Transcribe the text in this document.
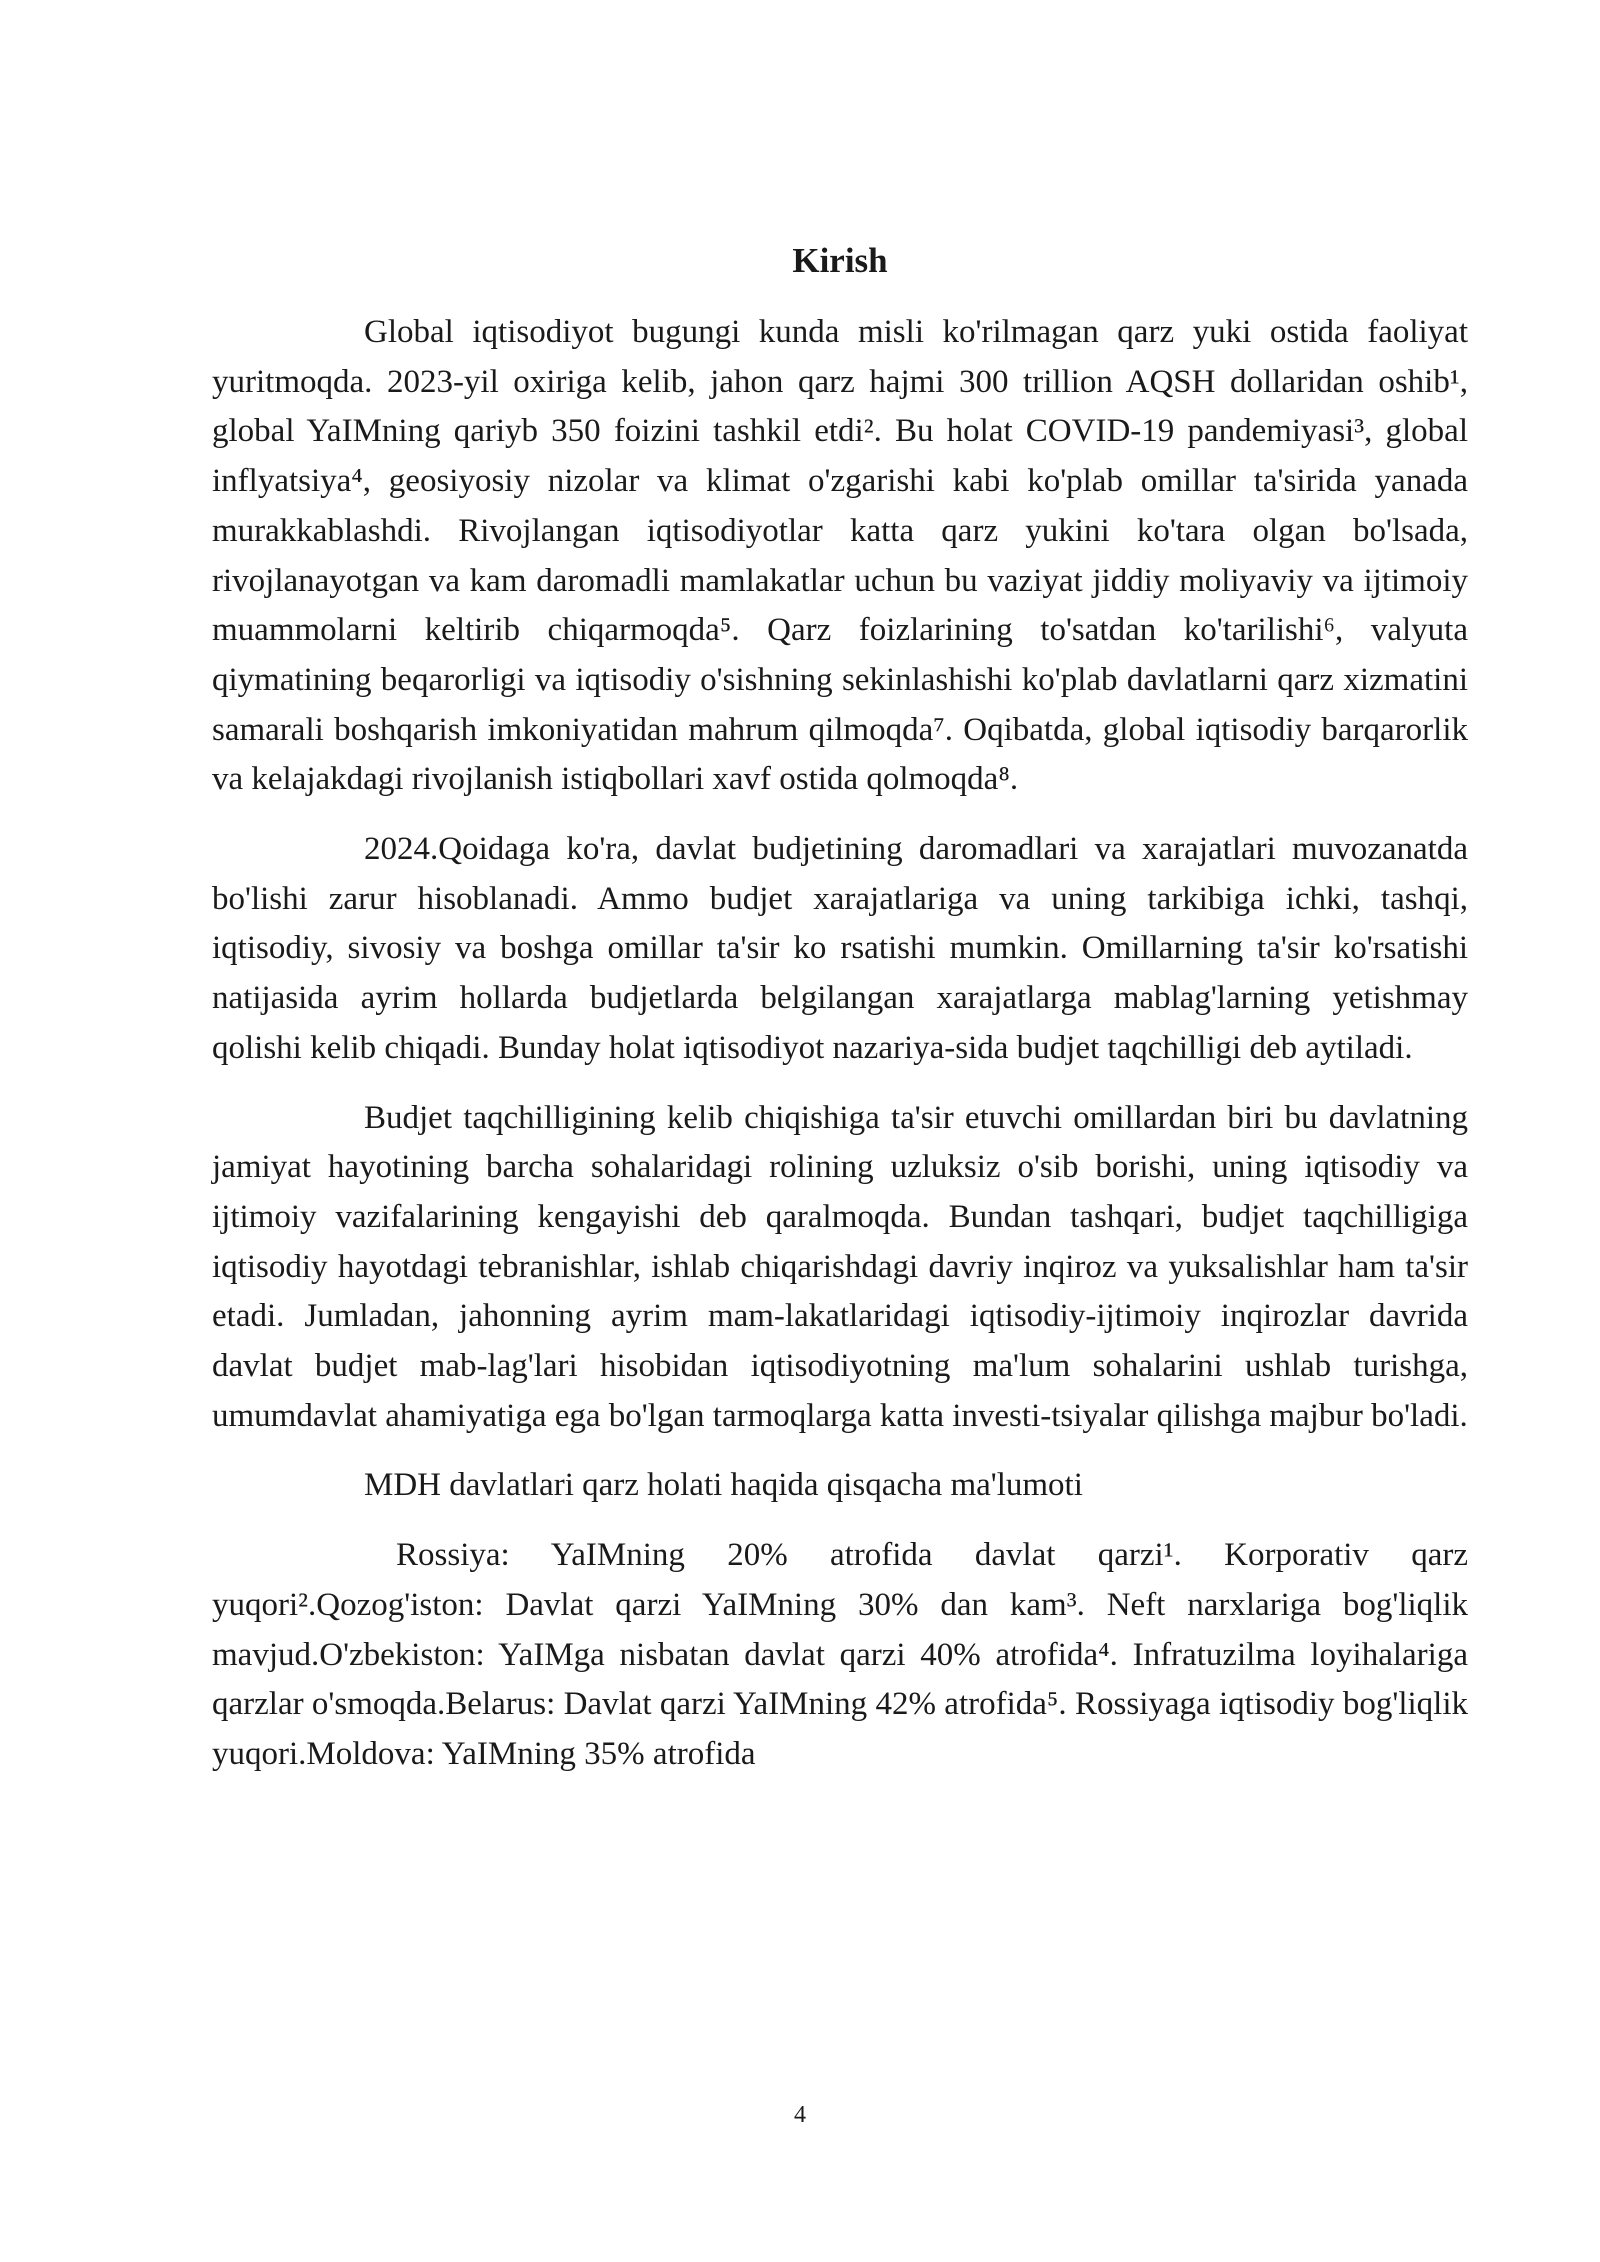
Kirish

Global iqtisodiyot bugungi kunda misli ko'rilmagan qarz yuki ostida faoliyat yuritmoqda. 2023-yil oxiriga kelib, jahon qarz hajmi 300 trillion AQSH dollaridan oshib¹, global YaIMning qariyb 350 foizini tashkil etdi². Bu holat COVID-19 pandemiyasi³, global inflyatsiya⁴, geosiyosiy nizolar va klimat o'zgarishi kabi ko'plab omillar ta'sirida yanada murakkablashdi. Rivojlangan iqtisodiyotlar katta qarz yukini ko'tara olgan bo'lsada, rivojlanayotgan va kam daromadli mamlakatlar uchun bu vaziyat jiddiy moliyaviy va ijtimoiy muammolarni keltirib chiqarmoqda⁵. Qarz foizlarining to'satdan ko'tarilishi⁶, valyuta qiymatining beqarorligi va iqtisodiy o'sishning sekinlashishi ko'plab davlatlarni qarz xizmatini samarali boshqarish imkoniyatidan mahrum qilmoqda⁷. Oqibatda, global iqtisodiy barqarorlik va kelajakdagi rivojlanish istiqbollari xavf ostida qolmoqda⁸.

2024.Qoidaga ko'ra, davlat budjetining daromadlari va xarajatlari muvozanatda bo'lishi zarur hisoblanadi. Ammo budjet xarajatlariga va uning tarkibiga ichki, tashqi, iqtisodiy, sivosiy va boshga omillar ta'sir ko rsatishi mumkin. Omillarning ta'sir ko'rsatishi natijasida ayrim hollarda budjetlarda belgilangan xarajatlarga mablag'larning yetishmay qolishi kelib chiqadi. Bunday holat iqtisodiyot nazariya-sida budjet taqchilligi deb aytiladi.

Budjet taqchilligining kelib chiqishiga ta'sir etuvchi omillardan biri bu davlatning jamiyat hayotining barcha sohalaridagi rolining uzluksiz o'sib borishi, uning iqtisodiy va ijtimoiy vazifalarining kengayishi deb qaralmoqda. Bundan tashqari, budjet taqchilligiga iqtisodiy hayotdagi tebranishlar, ishlab chiqarishdagi davriy inqiroz va yuksalishlar ham ta'sir etadi. Jumladan, jahonning ayrim mam-lakatlaridagi iqtisodiy-ijtimoiy inqirozlar davrida davlat budjet mab-lag'lari hisobidan iqtisodiyotning ma'lum sohalarini ushlab turishga, umumdavlat ahamiyatiga ega bo'lgan tarmoqlarga katta investi-tsiyalar qilishga majbur bo'ladi.

MDH davlatlari qarz holati haqida qisqacha ma'lumoti

Rossiya: YaIMning 20% atrofida davlat qarzi¹. Korporativ qarz yuqori².Qozog'iston: Davlat qarzi YaIMning 30% dan kam³. Neft narxlariga bog'liqlik mavjud.O'zbekiston: YaIMga nisbatan davlat qarzi 40% atrofida⁴. Infratuzilma loyihalariga qarzlar o'smoqda.Belarus: Davlat qarzi YaIMning 42% atrofida⁵. Rossiyaga iqtisodiy bog'liqlik yuqori.Moldova: YaIMning 35% atrofida

4
